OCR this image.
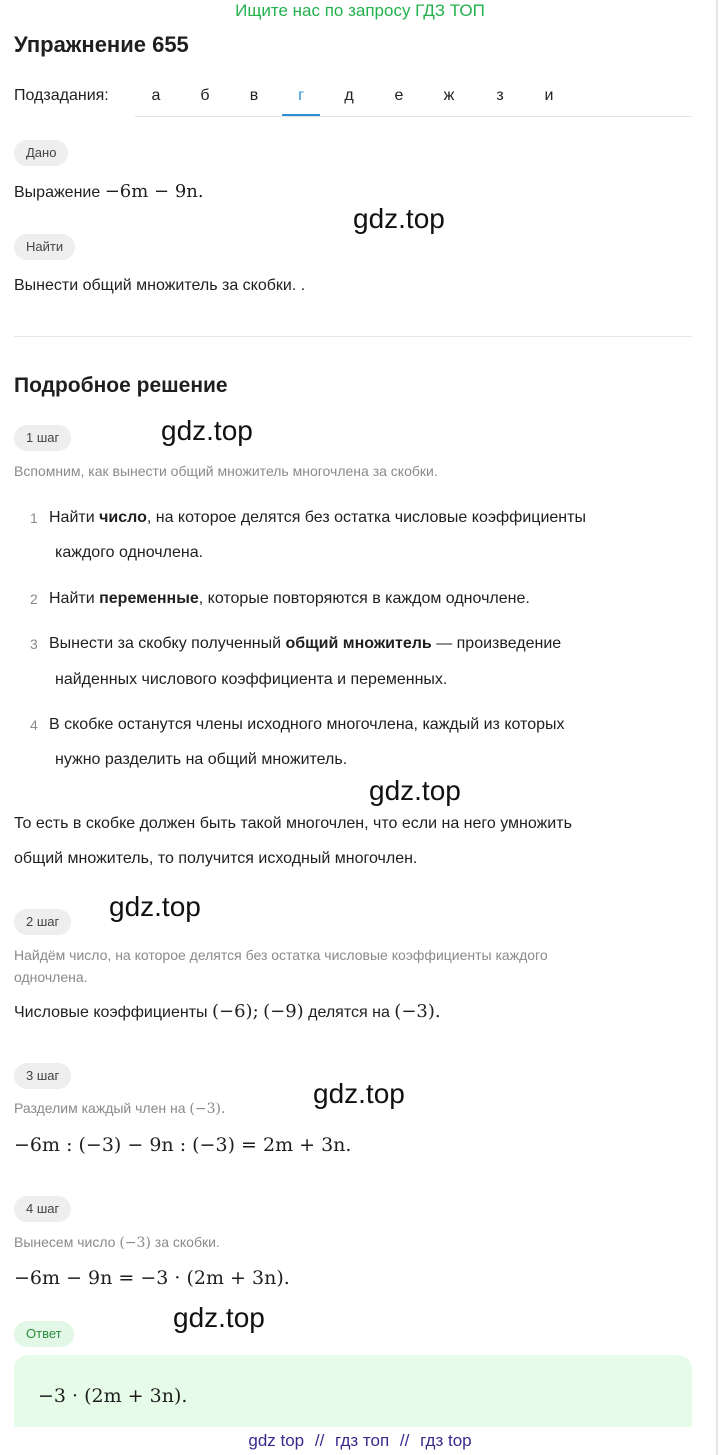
Ищите нас по запросу ГДЗ ТОП
Упражнение 655
Подзадания:	а	б	в	г	д	е	ж	з	и
Дано
Выражение −6m − 9n.
gdz.top
Найти
Вынести общий множитель за скобки. .
Подробное решение
1 шаг	gdz.top
Вспомним, как вынести общий множитель многочлена за скобки.
1 Найти число, на которое делятся без остатка числовые коэффициенты
каждого одночлена.
2 Найти переменные, которые повторяются в каждом одночлене.
3 Вынести за скобку полученный общий множитель — произведение
найденных числового коэффициента и переменных.
4 В скобке останутся члены исходного многочлена, каждый из которых
нужно разделить на общий множитель.
gdz.top
То есть в скобке должен быть такой многочлен, что если на него умножить
общий множитель, то получится исходный многочлен.
2 шаг	gdz.top
Найдём число, на которое делятся без остатка числовые коэффициенты каждого
одночлена.
Числовые коэффициенты (−6); (−9) делятся на (−3).
3 шаг
gdz.top
Разделим каждый член на (−3).
−6m : (−3) − 9n : (−3) = 2m + 3n.
4 шаг
Вынесем число (−3) за скобки.
−6m − 9n = −3 · (2m + 3n).
Ответ
gdz.top
−3 · (2m + 3n).
gdz top // гдз топ // гдз top
